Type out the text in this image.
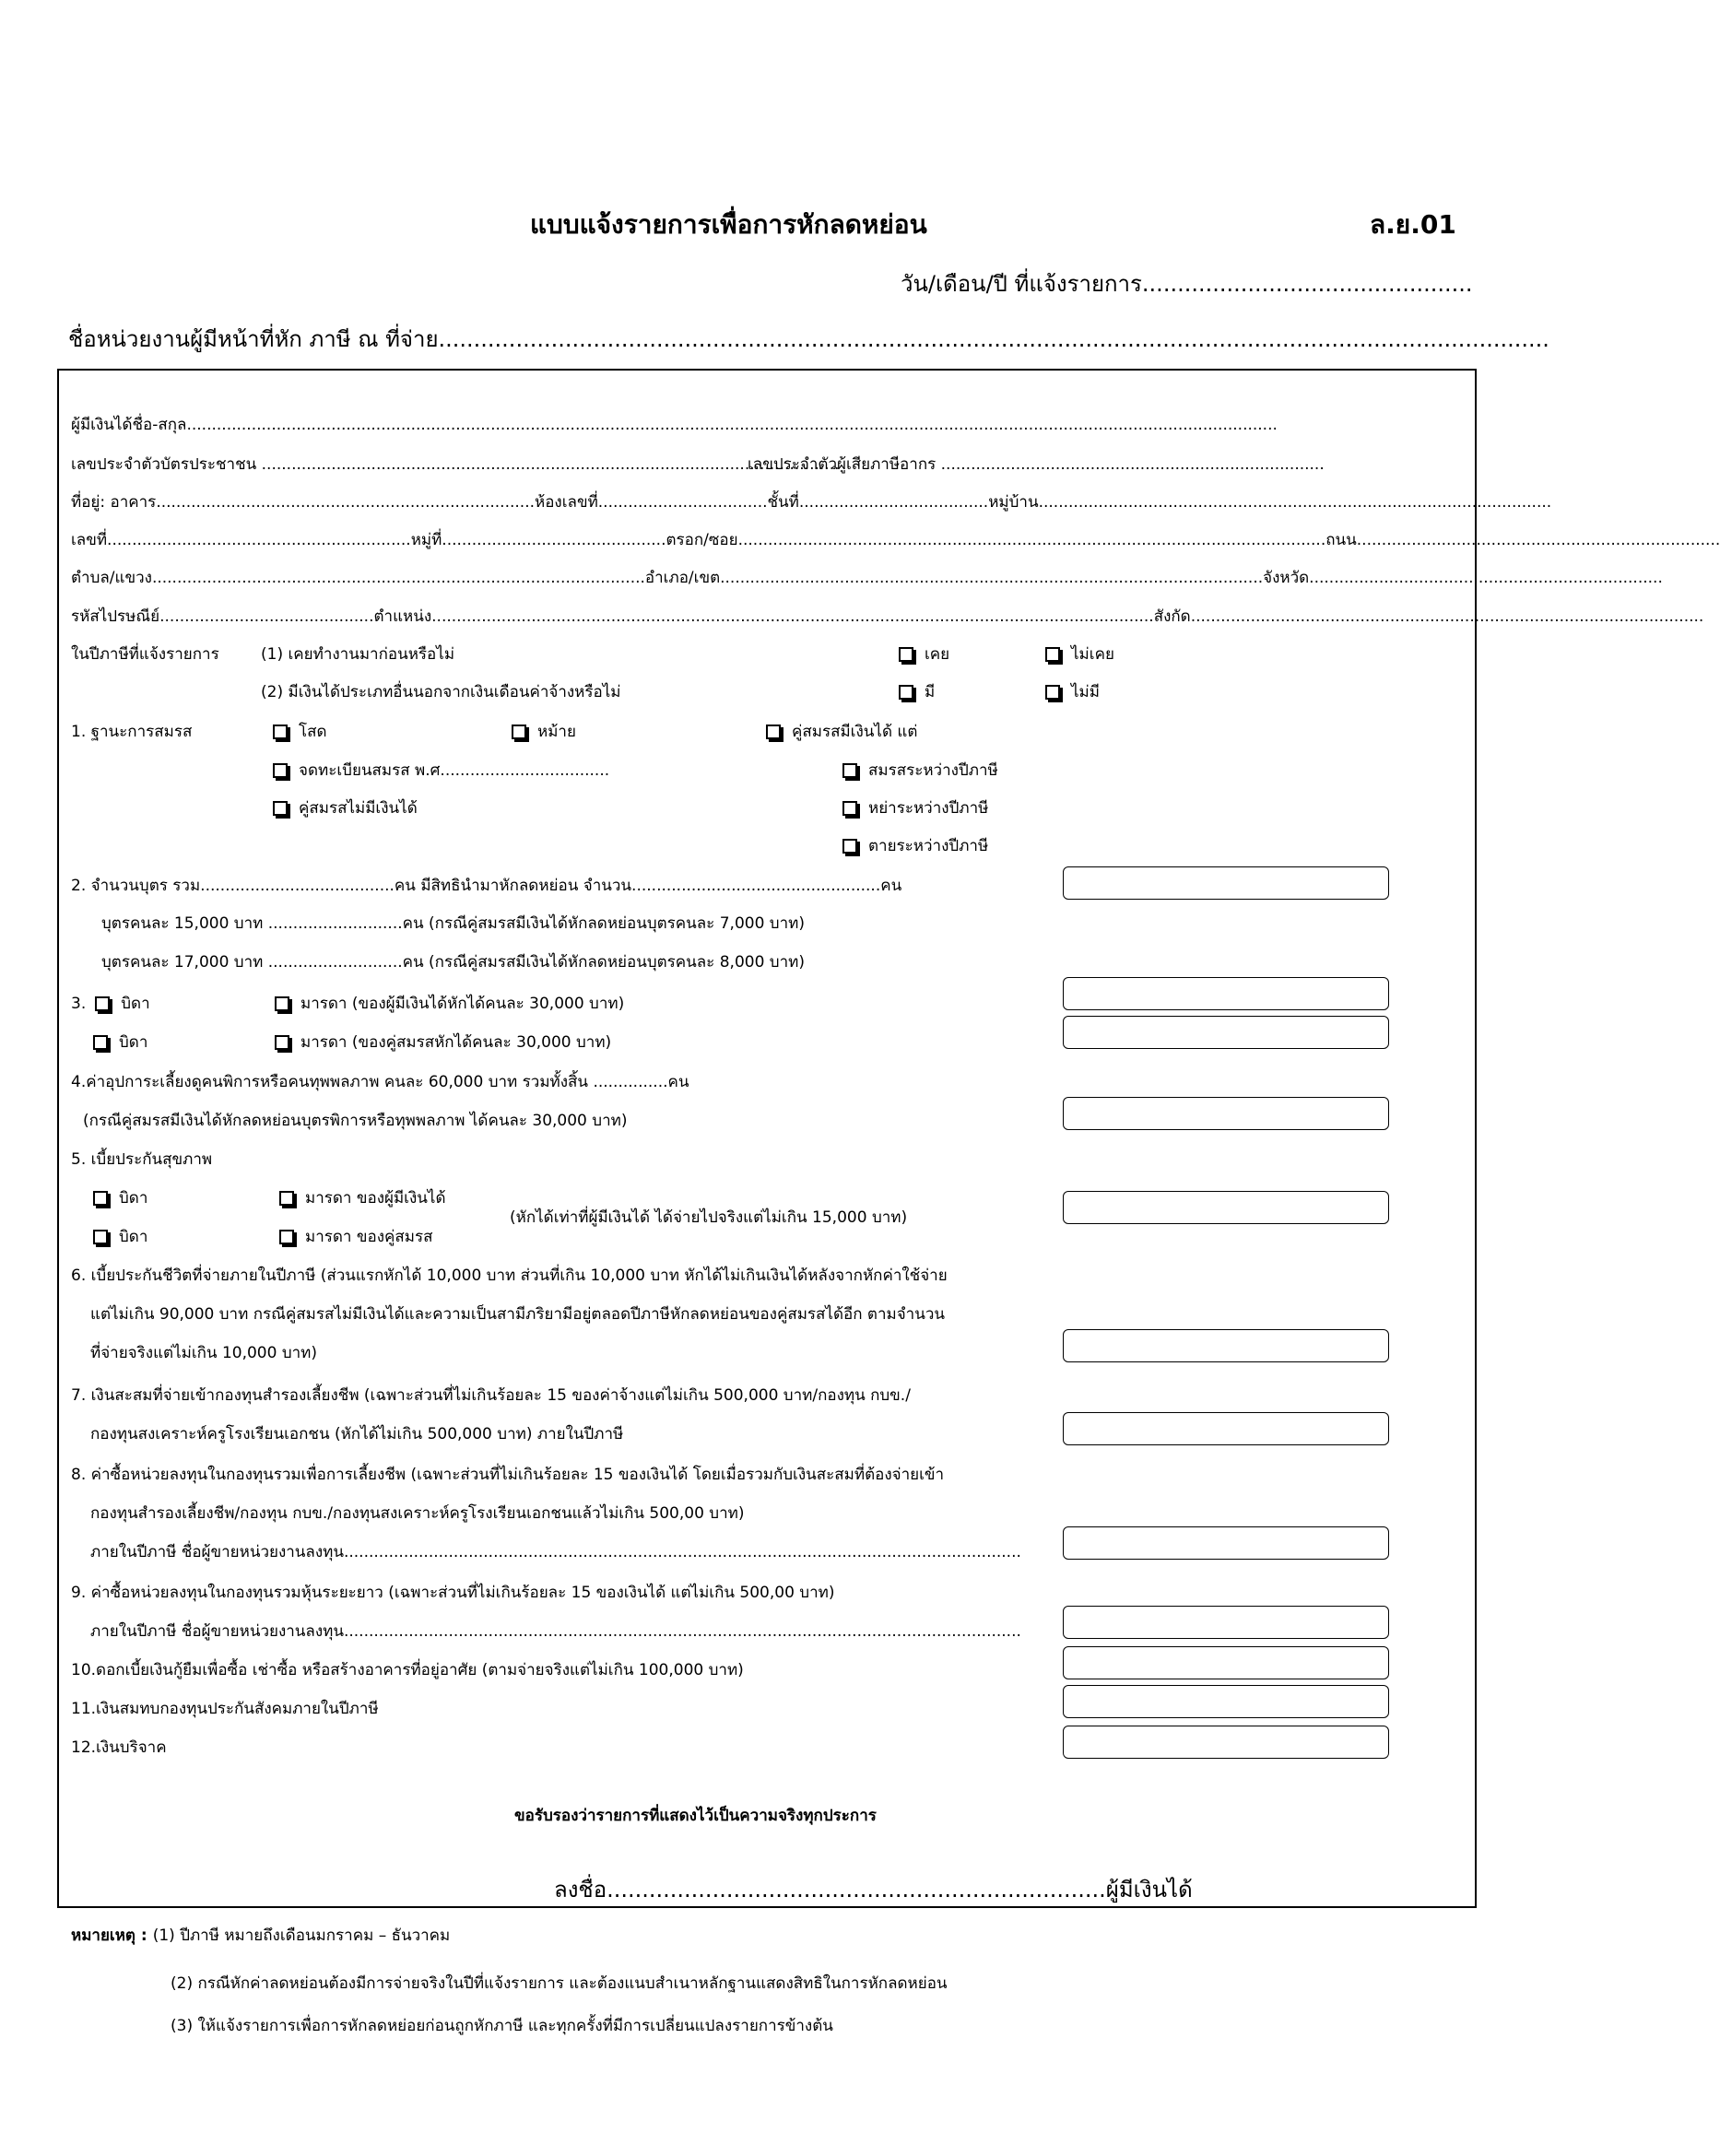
แบบแจ้งรายการเพื่อการหักลดหย่อน	ล.ย.01
วัน/เดือน/ปี ที่แจ้งรายการ...............................................
ชื่อหน่วยงานผู้มีหน้าที่หัก ภาษี ณ ที่จ่าย..............................................................................................................................................................
ผู้มีเงินได้ชื่อ-สกุล...........................................................................................................................................................................................................................
เลขประจำตัวบัตรประชาชน ....................................................................................................................
เลขประจำตัวผู้เสียภาษีอากร .............................................................................
ที่อยู่: อาคาร............................................................................ห้องเลขที่..................................ชั้นที่......................................หมู่บ้าน.......................................................................................................
เลขที่.............................................................หมู่ที่.............................................ตรอก/ซอย......................................................................................................................ถนน.........................................................................
ตำบล/แขวง...................................................................................................อำเภอ/เขต.............................................................................................................จังหวัด.......................................................................
รหัสไปรษณีย์...........................................ตำแหน่ง.................................................................................................................................................สังกัด.......................................................................................................
ในปีภาษีที่แจ้งรายการ	(1) เคยทำงานมาก่อนหรือไม่
(2) มีเงินได้ประเภทอื่นนอกจากเงินเดือนค่าจ้างหรือไม่
เคย	ไม่เคย
มี	ไม่มี
1. ฐานะการสมรส	โสด	หม้าย	คู่สมรสมีเงินได้ แต่
จดทะเบียนสมรส พ.ศ..................................	สมรสระหว่างปีภาษี
คู่สมรสไม่มีเงินได้	หย่าระหว่างปีภาษี
ตายระหว่างปีภาษี
2. จำนวนบุตร รวม.......................................คน มีสิทธินำมาหักลดหย่อน จำนวน..................................................คน
บุตรคนละ 15,000 บาท ...........................คน (กรณีคู่สมรสมีเงินได้หักลดหย่อนบุตรคนละ 7,000 บาท)
บุตรคนละ 17,000 บาท ...........................คน (กรณีคู่สมรสมีเงินได้หักลดหย่อนบุตรคนละ 8,000 บาท)
3. บิดา	มารดา (ของผู้มีเงินได้หักได้คนละ 30,000 บาท)
บิดา	มารดา (ของคู่สมรสหักได้คนละ 30,000 บาท)
4.ค่าอุปการะเลี้ยงดูคนพิการหรือคนทุพพลภาพ คนละ 60,000 บาท รวมทั้งสิ้น ...............คน
(กรณีคู่สมรสมีเงินได้หักลดหย่อนบุตรพิการหรือทุพพลภาพ ได้คนละ 30,000 บาท)
5. เบี้ยประกันสุขภาพ
บิดา	มารดา ของผู้มีเงินได้
บิดา	มารดา ของคู่สมรส
(หักได้เท่าที่ผู้มีเงินได้ ได้จ่ายไปจริงแต่ไม่เกิน 15,000 บาท)
6. เบี้ยประกันชีวิตที่จ่ายภายในปีภาษี (ส่วนแรกหักได้ 10,000 บาท ส่วนที่เกิน 10,000 บาท หักได้ไม่เกินเงินได้หลังจากหักค่าใช้จ่าย
แต่ไม่เกิน 90,000 บาท กรณีคู่สมรสไม่มีเงินได้และความเป็นสามีภริยามีอยู่ตลอดปีภาษีหักลดหย่อนของคู่สมรสได้อีก ตามจำนวน
ที่จ่ายจริงแต่ไม่เกิน 10,000 บาท)
7. เงินสะสมที่จ่ายเข้ากองทุนสำรองเลี้ยงชีพ (เฉพาะส่วนที่ไม่เกินร้อยละ 15 ของค่าจ้างแต่ไม่เกิน 500,000 บาท/กองทุน กบข./
กองทุนสงเคราะห์ครูโรงเรียนเอกชน (หักได้ไม่เกิน 500,000 บาท) ภายในปีภาษี
8. ค่าซื้อหน่วยลงทุนในกองทุนรวมเพื่อการเลี้ยงชีพ (เฉพาะส่วนที่ไม่เกินร้อยละ 15 ของเงินได้ โดยเมื่อรวมกับเงินสะสมที่ต้องจ่ายเข้า
กองทุนสำรองเลี้ยงชีพ/กองทุน กบข./กองทุนสงเคราะห์ครูโรงเรียนเอกชนแล้วไม่เกิน 500,00 บาท)
ภายในปีภาษี ชื่อผู้ขายหน่วยงานลงทุน........................................................................................................................................
9. ค่าซื้อหน่วยลงทุนในกองทุนรวมหุ้นระยะยาว (เฉพาะส่วนที่ไม่เกินร้อยละ 15 ของเงินได้ แต่ไม่เกิน 500,00 บาท)
ภายในปีภาษี ชื่อผู้ขายหน่วยงานลงทุน........................................................................................................................................
10.ดอกเบี้ยเงินกู้ยืมเพื่อซื้อ เช่าซื้อ หรือสร้างอาคารที่อยู่อาศัย (ตามจ่ายจริงแต่ไม่เกิน 100,000 บาท)
11.เงินสมทบกองทุนประกันสังคมภายในปีภาษี
12.เงินบริจาค
ขอรับรองว่ารายการที่แสดงไว้เป็นความจริงทุกประการ
ลงชื่อ.......................................................................ผู้มีเงินได้
หมายเหตุ : (1) ปีภาษี หมายถึงเดือนมกราคม – ธันวาคม
(2) กรณีหักค่าลดหย่อนต้องมีการจ่ายจริงในปีที่แจ้งรายการ และต้องแนบสำเนาหลักฐานแสดงสิทธิในการหักลดหย่อน
(3) ให้แจ้งรายการเพื่อการหักลดหย่อยก่อนถูกหักภาษี และทุกครั้งที่มีการเปลี่ยนแปลงรายการข้างต้น
